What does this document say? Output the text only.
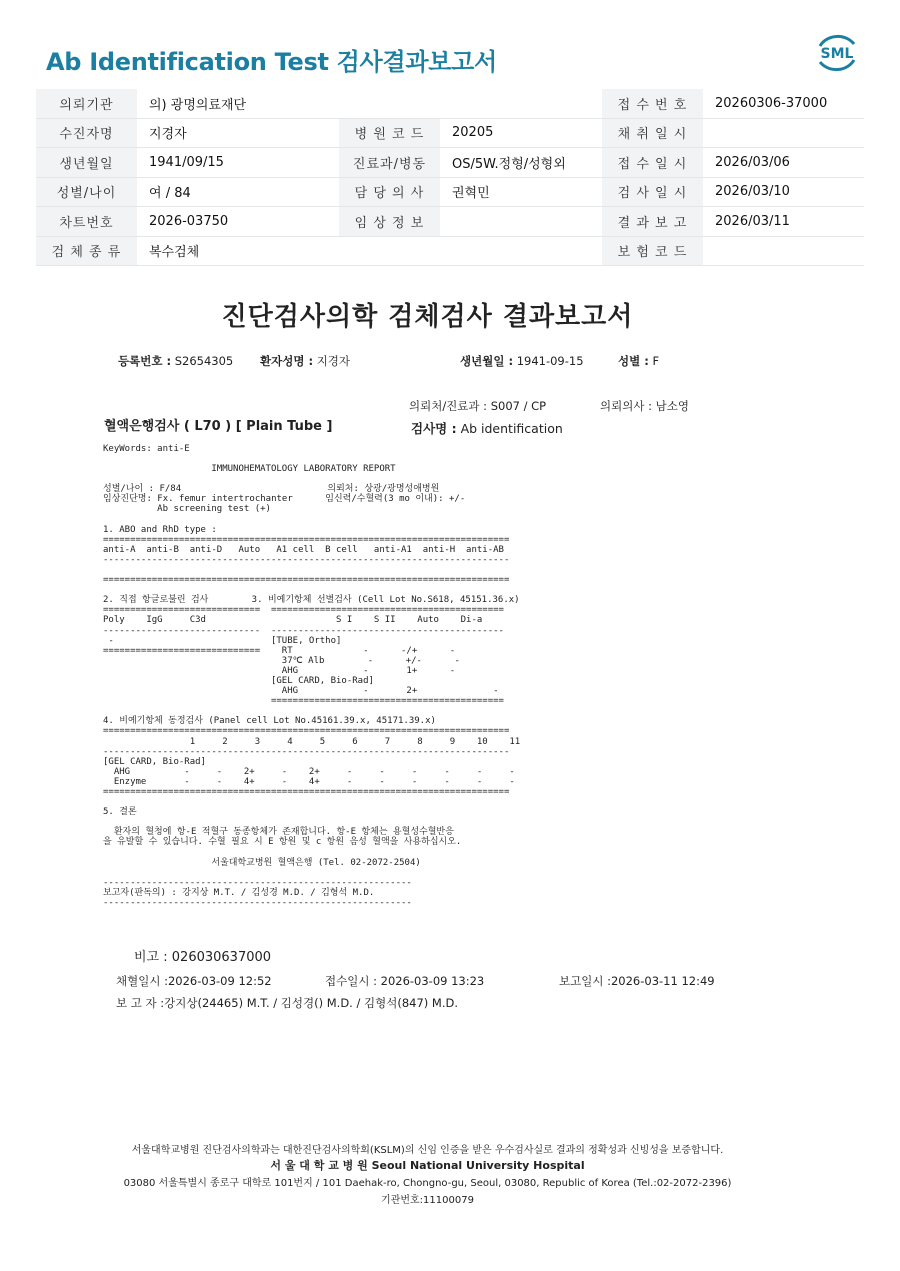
Ab Identification Test 검사결과보고서	SML
의뢰기관	의) 광명의료재단			접 수 번 호	20260306-37000
수진자명	지경자	병 원 코 드	20205	채 취 일 시	
생년월일	1941/09/15	진료과/병동	OS/5W.정형/성형외	접 수 일 시	2026/03/06
성별/나이	여 / 84	담 당 의 사	권혁민	검 사 일 시	2026/03/10
차트번호	2026-03750	임 상 정 보		결 과 보 고	2026/03/11
검 체 종 류	복수검체			보 험 코 드	
진단검사의학 검체검사 결과보고서
등록번호 : S2654305 환자성명 : 지경자	생년월일 : 1941-09-15	성별 : F
의뢰처/진료과 : S007 / CP	의뢰의사 : 남소영
혈액은행검사 ( L70 ) [ Plain Tube ]	검사명 : Ab identification
KeyWords: anti-E
IMMUNOHEMATOLOGY LABORATORY REPORT
성별/나이 : F/84                           의뢰처: 상광/광명성애병원
임상진단명: Fx. femur intertrochanter      임신력/수혈력(3 mo 이내): +/-
Ab screening test (+)
1. ABO and RhD type :
===========================================================================
anti-A  anti-B  anti-D   Auto   A1 cell  B cell   anti-A1  anti-H  anti-AB
---------------------------------------------------------------------------
===========================================================================
2. 직접 항글로불린 검사        3. 비예기항체 선별검사 (Cell Lot No.S618, 45151.36.x)
=============================  ===========================================
Poly    IgG     C3d                        S I    S II    Auto    Di-a
-----------------------------  -------------------------------------------
-                             [TUBE, Ortho]
=============================    RT             -      -/+      -
37℃ Alb        -      +/-      -
AHG            -       1+      -
[GEL CARD, Bio-Rad]
AHG            -       2+              -
===========================================
4. 비예기항체 동정검사 (Panel cell Lot No.45161.39.x, 45171.39.x)
===========================================================================
1     2     3     4     5     6     7     8     9    10    11
---------------------------------------------------------------------------
[GEL CARD, Bio-Rad]
AHG          -     -    2+     -    2+     -     -     -     -     -     -
Enzyme       -     -    4+     -    4+     -     -     -     -     -     -
===========================================================================
5. 결론
환자의 혈청에 항-E 적혈구 동종항체가 존재합니다. 항-E 항체는 용혈성수혈반응
을 유발할 수 있습니다. 수혈 필요 시 E 항원 및 c 항원 음성 혈액을 사용하십시오.
서울대학교병원 혈액은행 (Tel. 02-2072-2504)
---------------------------------------------------------
보고자(판독의) : 강지상 M.T. / 김성경 M.D. / 김형석 M.D.
---------------------------------------------------------
비고 : 026030637000
채혈일시 :2026-03-09 12:52	접수일시 : 2026-03-09 13:23	보고일시 :2026-03-11 12:49
보 고 자 :강지상(24465) M.T. / 김성경() M.D. / 김형석(847) M.D.
서울대학교병원 진단검사의학과는 대한진단검사의학회(KSLM)의 신임 인증을 받은 우수검사실로 결과의 정확성과 신빙성을 보증합니다.
서 울 대 학 교 병 원 Seoul National University Hospital
03080 서울특별시 종로구 대학로 101번지 / 101 Daehak-ro, Chongno-gu, Seoul, 03080, Republic of Korea (Tel.:02-2072-2396)
기관번호:11100079
